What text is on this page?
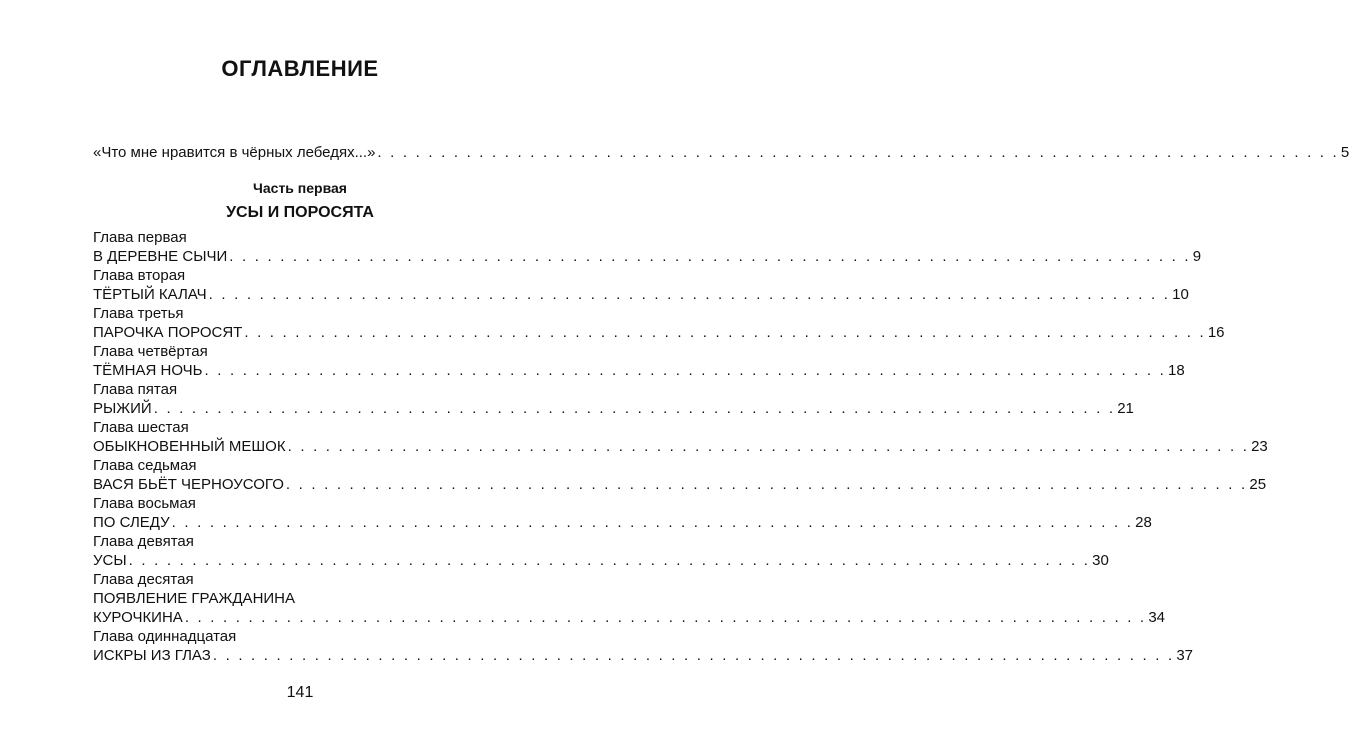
ОГЛАВЛЕНИЕ
«Что мне нравится в чёрных лебедях...» . . . . . . . . . . . . . . . . . . . . . . . . . . . . . . . . . . . . . . . . . . . . . . . . . . . . . . . . . . . . . . . . . . . . . . . . . . . . 5
Часть первая
УСЫ И ПОРОСЯТА
Глава первая
В ДЕРЕВНЕ СЫЧИ . . . . . . . . . . . . . . . . . . . . . . . . . . . . . . . . . . . . . . . . . . . . . . . . . . . . . . . . . . . . . . . . . . . . . . . . . . . . 9
Глава вторая
ТЁРТЫЙ КАЛАЧ . . . . . . . . . . . . . . . . . . . . . . . . . . . . . . . . . . . . . . . . . . . . . . . . . . . . . . . . . . . . . . . . . . . . . . . . . . . . 10
Глава третья
ПАРОЧКА ПОРОСЯТ . . . . . . . . . . . . . . . . . . . . . . . . . . . . . . . . . . . . . . . . . . . . . . . . . . . . . . . . . . . . . . . . . . . . . . . . . . . . 16
Глава четвёртая
ТЁМНАЯ НОЧЬ . . . . . . . . . . . . . . . . . . . . . . . . . . . . . . . . . . . . . . . . . . . . . . . . . . . . . . . . . . . . . . . . . . . . . . . . . . . . 18
Глава пятая
РЫЖИЙ . . . . . . . . . . . . . . . . . . . . . . . . . . . . . . . . . . . . . . . . . . . . . . . . . . . . . . . . . . . . . . . . . . . . . . . . . . . . 21
Глава шестая
ОБЫКНОВЕННЫЙ МЕШОК . . . . . . . . . . . . . . . . . . . . . . . . . . . . . . . . . . . . . . . . . . . . . . . . . . . . . . . . . . . . . . . . . . . . . . . . . . . . 23
Глава седьмая
ВАСЯ БЬЁТ ЧЕРНОУСОГО . . . . . . . . . . . . . . . . . . . . . . . . . . . . . . . . . . . . . . . . . . . . . . . . . . . . . . . . . . . . . . . . . . . . . . . . . . . . 25
Глава восьмая
ПО СЛЕДУ . . . . . . . . . . . . . . . . . . . . . . . . . . . . . . . . . . . . . . . . . . . . . . . . . . . . . . . . . . . . . . . . . . . . . . . . . . . . 28
Глава девятая
УСЫ . . . . . . . . . . . . . . . . . . . . . . . . . . . . . . . . . . . . . . . . . . . . . . . . . . . . . . . . . . . . . . . . . . . . . . . . . . . . 30
Глава десятая
ПОЯВЛЕНИЕ ГРАЖДАНИНА
КУРОЧКИНА . . . . . . . . . . . . . . . . . . . . . . . . . . . . . . . . . . . . . . . . . . . . . . . . . . . . . . . . . . . . . . . . . . . . . . . . . . . . 34
Глава одиннадцатая
ИСКРЫ ИЗ ГЛАЗ . . . . . . . . . . . . . . . . . . . . . . . . . . . . . . . . . . . . . . . . . . . . . . . . . . . . . . . . . . . . . . . . . . . . . . . . . . . . 37
141
